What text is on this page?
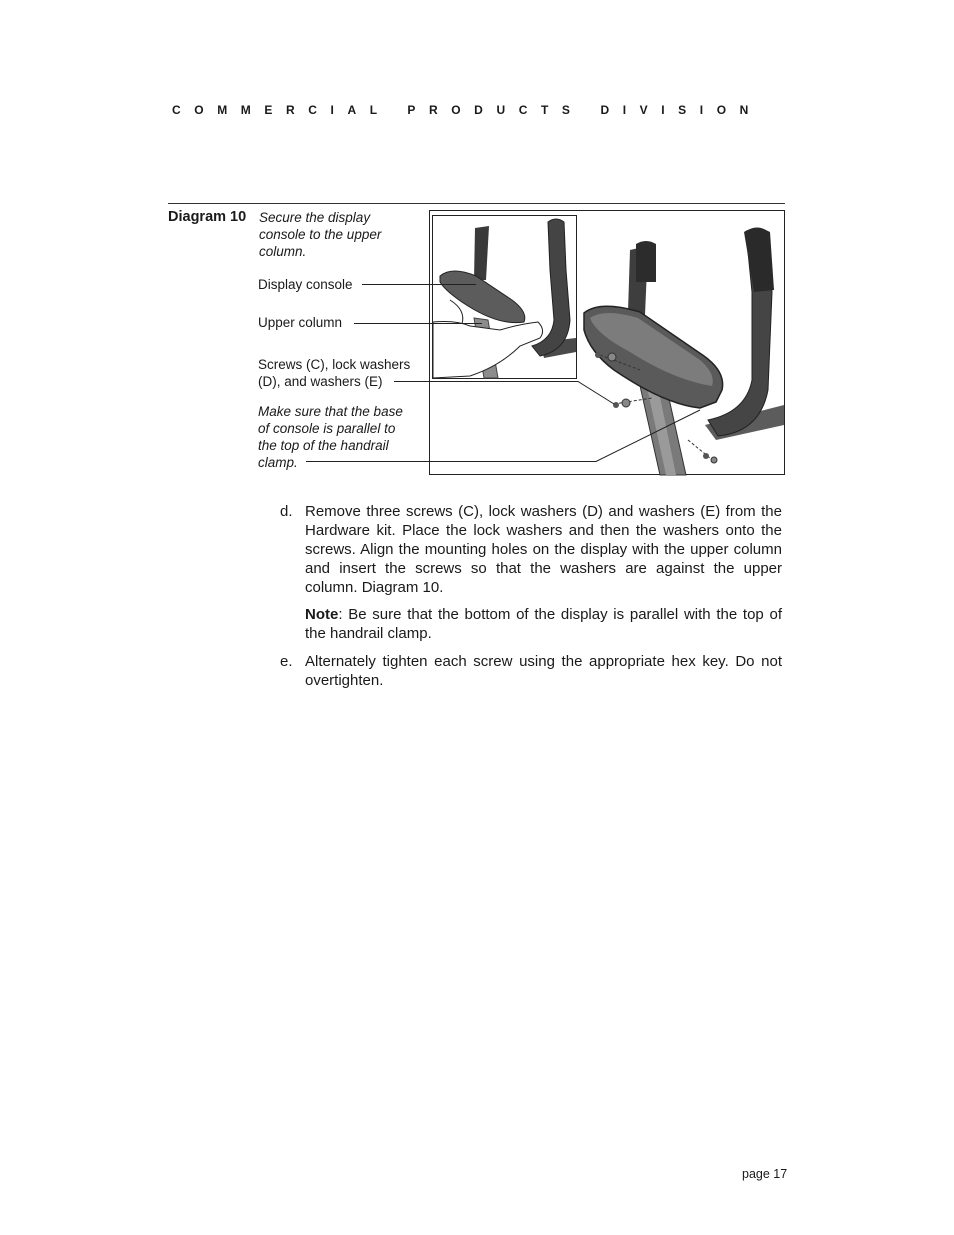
COMMERCIAL PRODUCTS DIVISION
Diagram 10 Secure the display console to the upper column.
Display console
Upper column
Screws (C), lock washers
(D), and washers (E)
Make sure that the base
of console is parallel to
the top of the handrail
clamp.
d. Remove three screws (C), lock washers (D) and washers (E) from the Hardware kit. Place the lock washers and then the washers onto the screws. Align the mounting holes on the display with the upper column and insert the screws so that the washers are against the upper column. Diagram 10.
Note: Be sure that the bottom of the display is parallel with the top of the handrail clamp.
e. Alternately tighten each screw using the appropriate hex key. Do not overtighten.
page 17
